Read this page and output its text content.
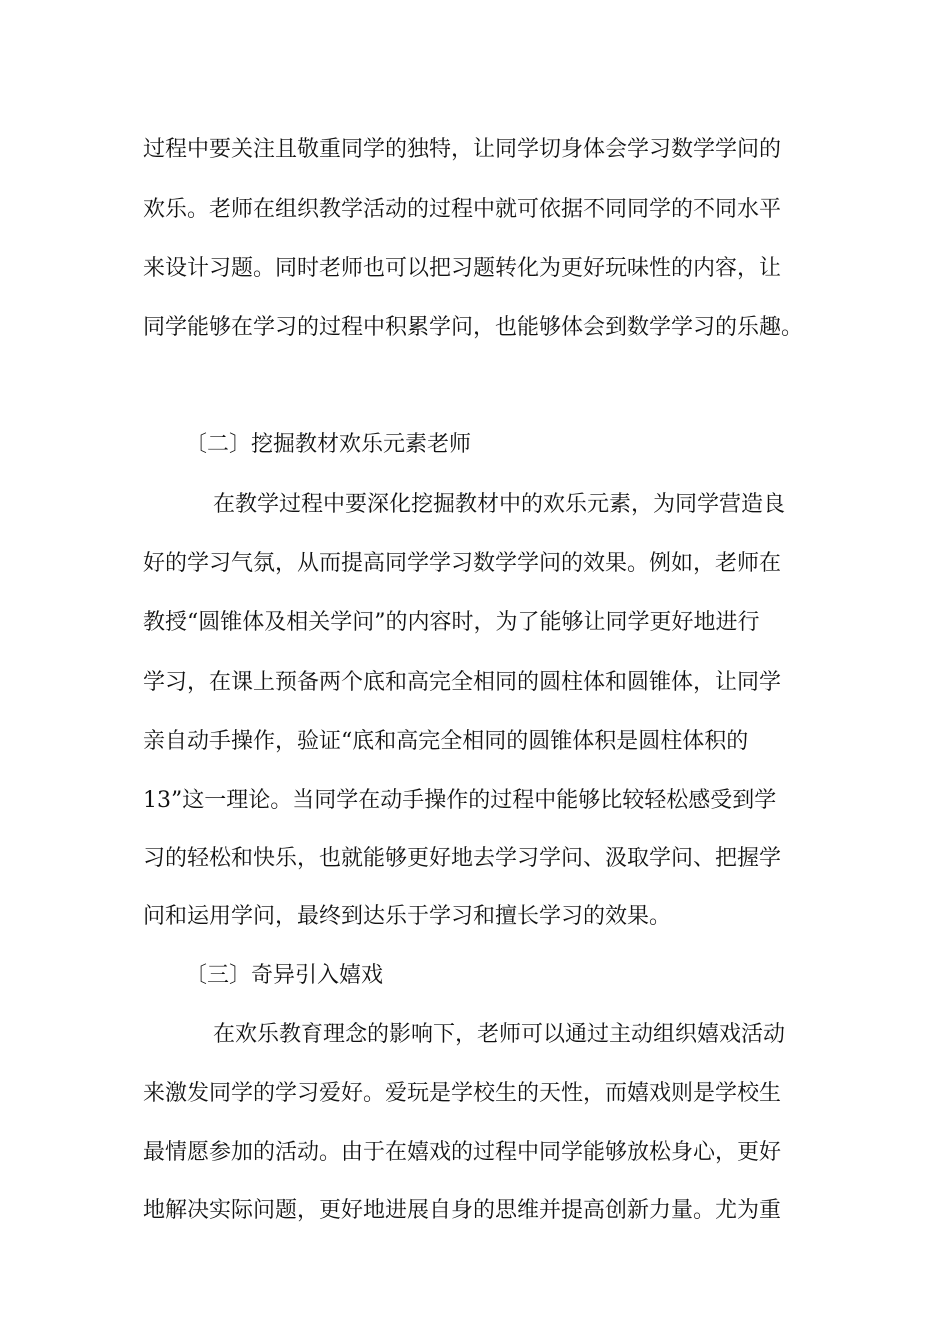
过程中要关注且敬重同学的独特，让同学切身体会学习数学学问的
欢乐。老师在组织教学活动的过程中就可依据不同同学的不同水平
来设计习题。同时老师也可以把习题转化为更好玩味性的内容，让
同学能够在学习的过程中积累学问，也能够体会到数学学习的乐趣。
〔二〕挖掘教材欢乐元素老师
在教学过程中要深化挖掘教材中的欢乐元素，为同学营造良
好的学习气氛，从而提高同学学习数学学问的效果。例如，老师在
教授“圆锥体及相关学问”的内容时，为了能够让同学更好地进行
学习，在课上预备两个底和高完全相同的圆柱体和圆锥体，让同学
亲自动手操作，验证“底和高完全相同的圆锥体积是圆柱体积的
13”这一理论。当同学在动手操作的过程中能够比较轻松感受到学
习的轻松和快乐，也就能够更好地去学习学问、汲取学问、把握学
问和运用学问，最终到达乐于学习和擅长学习的效果。
〔三〕奇异引入嬉戏
在欢乐教育理念的影响下，老师可以通过主动组织嬉戏活动
来激发同学的学习爱好。爱玩是学校生的天性，而嬉戏则是学校生
最情愿参加的活动。由于在嬉戏的过程中同学能够放松身心，更好
地解决实际问题，更好地进展自身的思维并提高创新力量。尤为重
